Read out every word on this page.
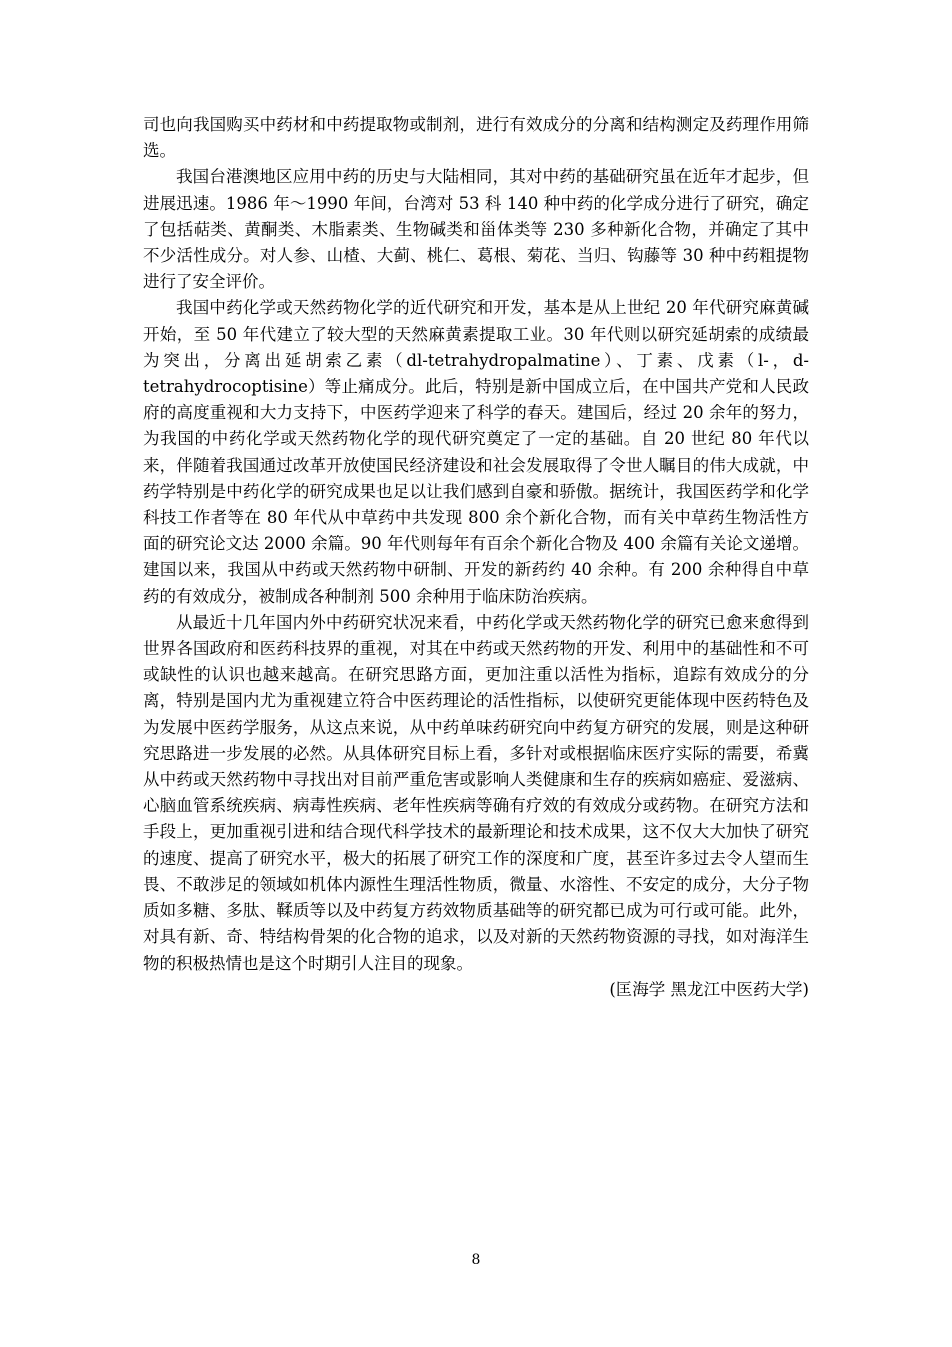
司也向我国购买中药材和中药提取物或制剂，进行有效成分的分离和结构测定及药理作用筛选。

我国台港澳地区应用中药的历史与大陆相同，其对中药的基础研究虽在近年才起步，但进展迅速。1986 年～1990 年间，台湾对 53 科 140 种中药的化学成分进行了研究，确定了包括萜类、黄酮类、木脂素类、生物碱类和甾体类等 230 多种新化合物，并确定了其中不少活性成分。对人参、山楂、大蓟、桃仁、葛根、菊花、当归、钩藤等 30 种中药粗提物进行了安全评价。

我国中药化学或天然药物化学的近代研究和开发，基本是从上世纪 20 年代研究麻黄碱开始，至 50 年代建立了较大型的天然麻黄素提取工业。30 年代则以研究延胡索的成绩最为突出，分离出延胡索乙素（dl-tetrahydropalmatine）、丁素、戊素（l-，d-tetrahydrocoptisine）等止痛成分。此后，特别是新中国成立后，在中国共产党和人民政府的高度重视和大力支持下，中医药学迎来了科学的春天。建国后，经过 20 余年的努力，为我国的中药化学或天然药物化学的现代研究奠定了一定的基础。自 20 世纪 80 年代以来，伴随着我国通过改革开放使国民经济建设和社会发展取得了令世人瞩目的伟大成就，中药学特别是中药化学的研究成果也足以让我们感到自豪和骄傲。据统计，我国医药学和化学科技工作者等在 80 年代从中草药中共发现 800 余个新化合物，而有关中草药生物活性方面的研究论文达 2000 余篇。90 年代则每年有百余个新化合物及 400 余篇有关论文递增。建国以来，我国从中药或天然药物中研制、开发的新药约 40 余种。有 200 余种得自中草药的有效成分，被制成各种制剂 500 余种用于临床防治疾病。

从最近十几年国内外中药研究状况来看，中药化学或天然药物化学的研究已愈来愈得到世界各国政府和医药科技界的重视，对其在中药或天然药物的开发、利用中的基础性和不可或缺性的认识也越来越高。在研究思路方面，更加注重以活性为指标，追踪有效成分的分离，特别是国内尤为重视建立符合中医药理论的活性指标，以使研究更能体现中医药特色及为发展中医药学服务，从这点来说，从中药单味药研究向中药复方研究的发展，则是这种研究思路进一步发展的必然。从具体研究目标上看，多针对或根据临床医疗实际的需要，希冀从中药或天然药物中寻找出对目前严重危害或影响人类健康和生存的疾病如癌症、爱滋病、心脑血管系统疾病、病毒性疾病、老年性疾病等确有疗效的有效成分或药物。在研究方法和手段上，更加重视引进和结合现代科学技术的最新理论和技术成果，这不仅大大加快了研究的速度、提高了研究水平，极大的拓展了研究工作的深度和广度，甚至许多过去令人望而生畏、不敢涉足的领域如机体内源性生理活性物质，微量、水溶性、不安定的成分，大分子物质如多糖、多肽、鞣质等以及中药复方药效物质基础等的研究都已成为可行或可能。此外，对具有新、奇、特结构骨架的化合物的追求，以及对新的天然药物资源的寻找，如对海洋生物的积极热情也是这个时期引人注目的现象。

(匡海学 黑龙江中医药大学)

8
